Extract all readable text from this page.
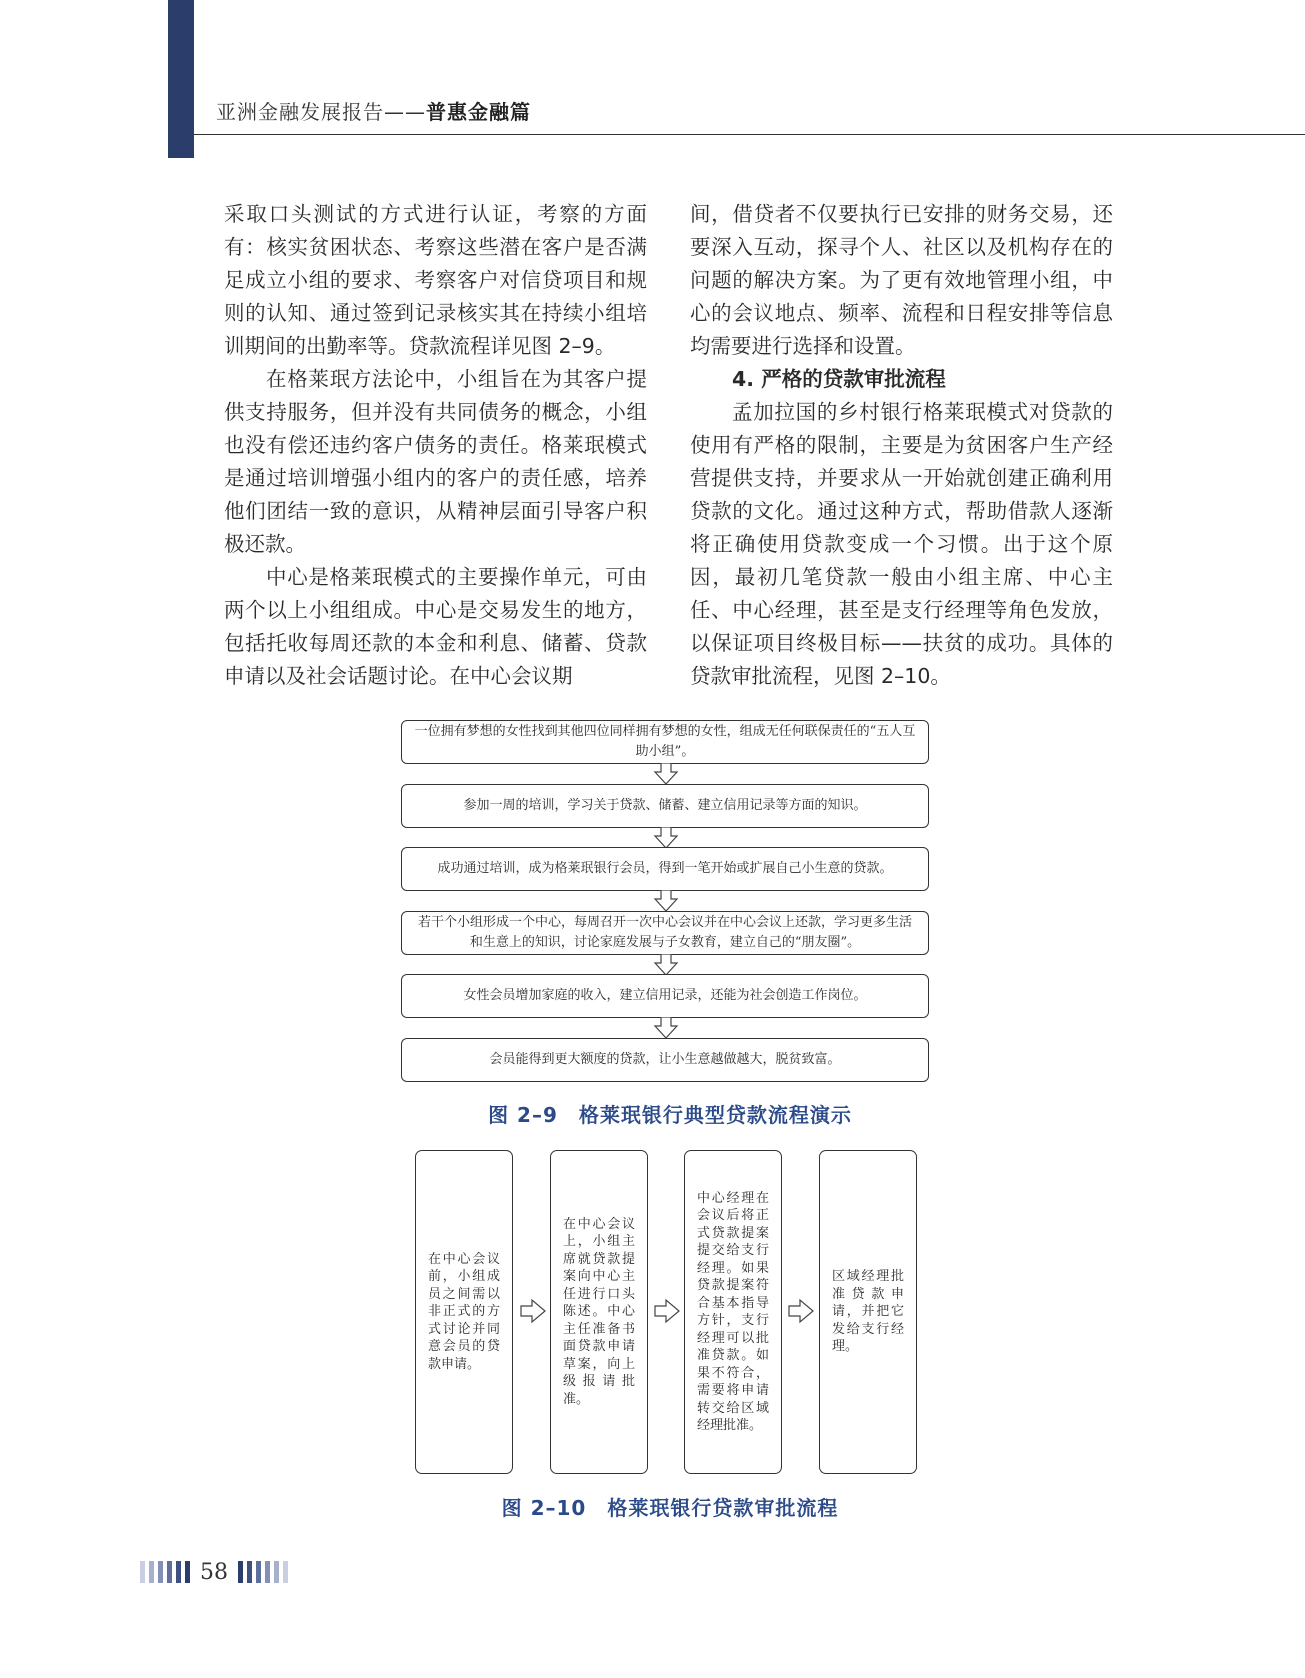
亚洲金融发展报告——普惠金融篇

采取口头测试的方式进行认证，考察的方面有：核实贫困状态、考察这些潜在客户是否满足成立小组的要求、考察客户对信贷项目和规则的认知、通过签到记录核实其在持续小组培训期间的出勤率等。贷款流程详见图 2–9。

在格莱珉方法论中，小组旨在为其客户提供支持服务，但并没有共同债务的概念，小组也没有偿还违约客户债务的责任。格莱珉模式是通过培训增强小组内的客户的责任感，培养他们团结一致的意识，从精神层面引导客户积极还款。

中心是格莱珉模式的主要操作单元，可由两个以上小组组成。中心是交易发生的地方，包括托收每周还款的本金和利息、储蓄、贷款申请以及社会话题讨论。在中心会议期

间，借贷者不仅要执行已安排的财务交易，还要深入互动，探寻个人、社区以及机构存在的问题的解决方案。为了更有效地管理小组，中心的会议地点、频率、流程和日程安排等信息均需要进行选择和设置。

4. 严格的贷款审批流程

孟加拉国的乡村银行格莱珉模式对贷款的使用有严格的限制，主要是为贫困客户生产经营提供支持，并要求从一开始就创建正确利用贷款的文化。通过这种方式，帮助借款人逐渐将正确使用贷款变成一个习惯。出于这个原因，最初几笔贷款一般由小组主席、中心主任、中心经理，甚至是支行经理等角色发放，以保证项目终极目标——扶贫的成功。具体的贷款审批流程，见图 2–10。

一位拥有梦想的女性找到其他四位同样拥有梦想的女性，组成无任何联保责任的“五人互助小组”。
参加一周的培训，学习关于贷款、储蓄、建立信用记录等方面的知识。
成功通过培训，成为格莱珉银行会员，得到一笔开始或扩展自己小生意的贷款。
若干个小组形成一个中心，每周召开一次中心会议并在中心会议上还款，学习更多生活和生意上的知识，讨论家庭发展与子女教育，建立自己的“朋友圈”。
女性会员增加家庭的收入，建立信用记录，还能为社会创造工作岗位。
会员能得到更大额度的贷款，让小生意越做越大，脱贫致富。
图 2–9　格莱珉银行典型贷款流程演示
在中心会议前，小组成员之间需以非正式的方式讨论并同意会员的贷款申请。
在中心会议上，小组主席就贷款提案向中心主任进行口头陈述。中心主任准备书面贷款申请草案，向上级报请批准。
中心经理在会议后将正式贷款提案提交给支行经理。如果贷款提案符合基本指导方针，支行经理可以批准贷款。如果不符合，需要将申请转交给区域经理批准。
区域经理批准贷款申请，并把它发给支行经理。
图 2–10　格莱珉银行贷款审批流程
58
